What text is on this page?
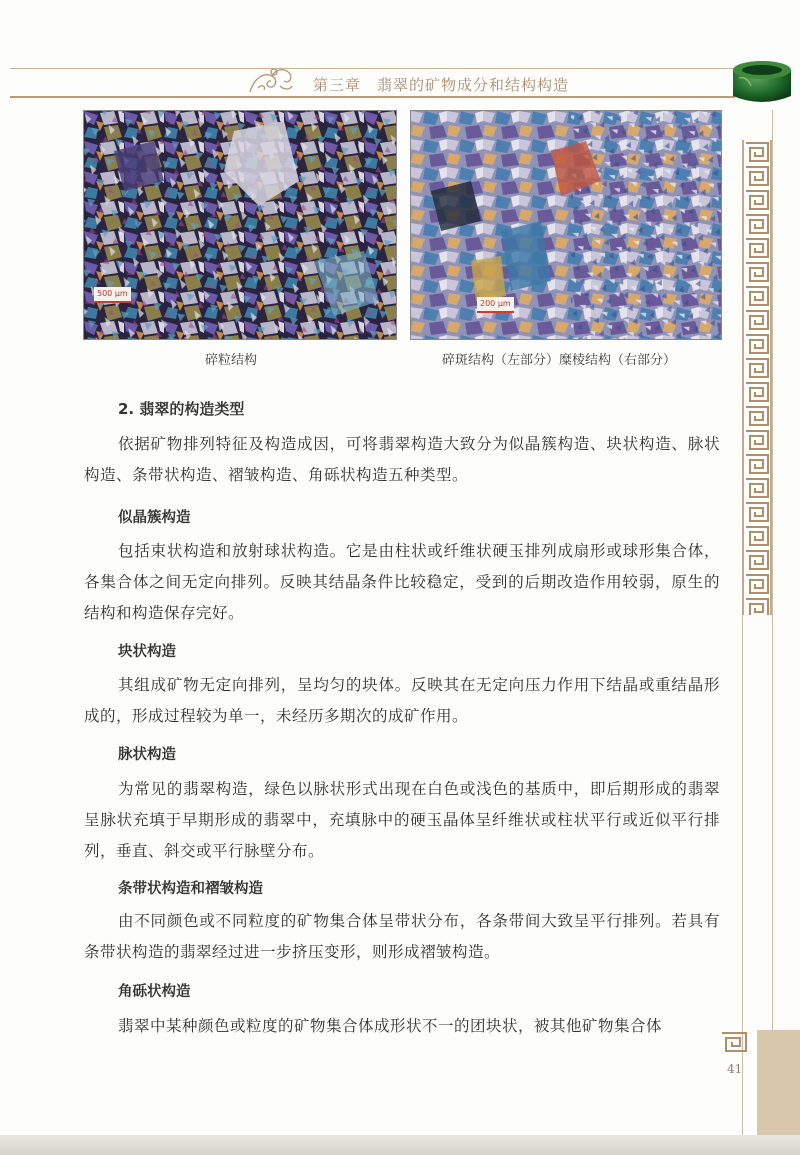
第三章　翡翠的矿物成分和结构构造
500 μm
200 μm
碎粒结构	碎斑结构（左部分）糜棱结构（右部分）
2. 翡翠的构造类型
依据矿物排列特征及构造成因，可将翡翠构造大致分为似晶簇构造、块状构造、脉状构造、条带状构造、褶皱构造、角砾状构造五种类型。
似晶簇构造
包括束状构造和放射球状构造。它是由柱状或纤维状硬玉排列成扇形或球形集合体，各集合体之间无定向排列。反映其结晶条件比较稳定，受到的后期改造作用较弱，原生的结构和构造保存完好。
块状构造
其组成矿物无定向排列，呈均匀的块体。反映其在无定向压力作用下结晶或重结晶形成的，形成过程较为单一，未经历多期次的成矿作用。
脉状构造
为常见的翡翠构造，绿色以脉状形式出现在白色或浅色的基质中，即后期形成的翡翠呈脉状充填于早期形成的翡翠中，充填脉中的硬玉晶体呈纤维状或柱状平行或近似平行排列，垂直、斜交或平行脉壁分布。
条带状构造和褶皱构造
由不同颜色或不同粒度的矿物集合体呈带状分布，各条带间大致呈平行排列。若具有条带状构造的翡翠经过进一步挤压变形，则形成褶皱构造。
角砾状构造
翡翠中某种颜色或粒度的矿物集合体成形状不一的团块状，被其他矿物集合体
41
